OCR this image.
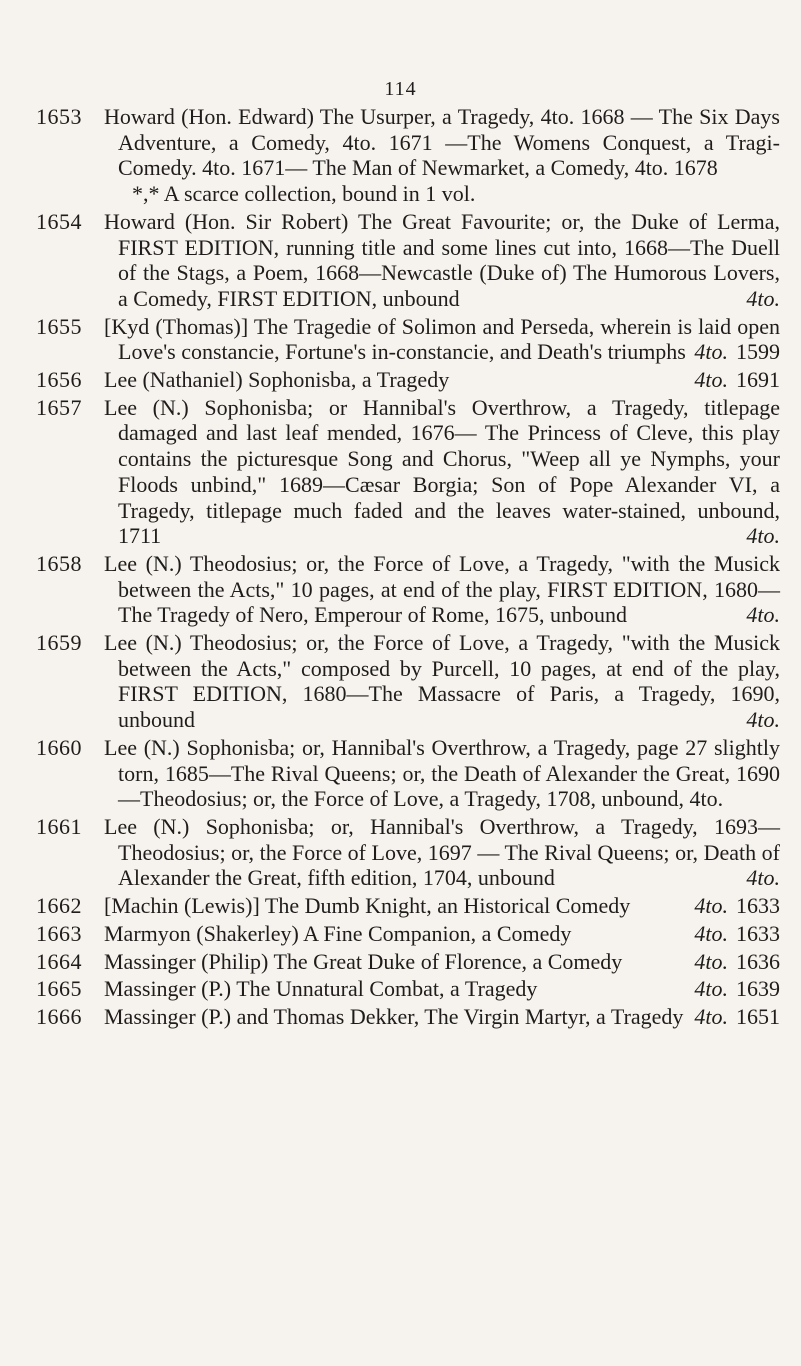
114
1653	Howard (Hon. Edward) The Usurper, a Tragedy, 4to. 1668 — The Six Days Adventure, a Comedy, 4to. 1671 —The Womens Conquest, a Tragi-Comedy. 4to. 1671— The Man of Newmarket, a Comedy, 4to. 1678
*,* A scarce collection, bound in 1 vol.
1654	Howard (Hon. Sir Robert) The Great Favourite; or, the Duke of Lerma, FIRST EDITION, running title and some lines cut into, 1668—The Duell of the Stags, a Poem, 1668—Newcastle (Duke of) The Humorous Lovers, a Comedy, FIRST EDITION, unbound	4to.
1655	[Kyd (Thomas)] The Tragedie of Solimon and Perseda, wherein is laid open Love's constancie, Fortune's in-constancie, and Death's triumphs 4to. 1599
1656	Lee (Nathaniel) Sophonisba, a Tragedy	4to. 1691
1657	Lee (N.) Sophonisba; or Hannibal's Overthrow, a Tragedy, titlepage damaged and last leaf mended, 1676— The Princess of Cleve, this play contains the picturesque Song and Chorus, "Weep all ye Nymphs, your Floods unbind," 1689—Cæsar Borgia; Son of Pope Alexander VI, a Tragedy, titlepage much faded and the leaves water-stained, unbound, 1711	4to.
1658	Lee (N.) Theodosius; or, the Force of Love, a Tragedy, "with the Musick between the Acts," 10 pages, at end of the play, FIRST EDITION, 1680—The Tragedy of Nero, Emperour of Rome, 1675, unbound	4to.
1659	Lee (N.) Theodosius; or, the Force of Love, a Tragedy, "with the Musick between the Acts," composed by Purcell, 10 pages, at end of the play, FIRST EDITION, 1680—The Massacre of Paris, a Tragedy, 1690, unbound	4to.
1660	Lee (N.) Sophonisba; or, Hannibal's Overthrow, a Tragedy, page 27 slightly torn, 1685—The Rival Queens; or, the Death of Alexander the Great, 1690—Theodosius; or, the Force of Love, a Tragedy, 1708, unbound, 4to.
1661	Lee (N.) Sophonisba; or, Hannibal's Overthrow, a Tragedy, 1693—Theodosius; or, the Force of Love, 1697 — The Rival Queens; or, Death of Alexander the Great, fifth edition, 1704, unbound	4to.
1662	[Machin (Lewis)] The Dumb Knight, an Historical Comedy	4to. 1633
1663	Marmyon (Shakerley) A Fine Companion, a Comedy	4to. 1633
1664	Massinger (Philip) The Great Duke of Florence, a Comedy	4to. 1636
1665	Massinger (P.) The Unnatural Combat, a Tragedy	4to. 1639
1666	Massinger (P.) and Thomas Dekker, The Virgin Martyr, a Tragedy 4to. 1651
